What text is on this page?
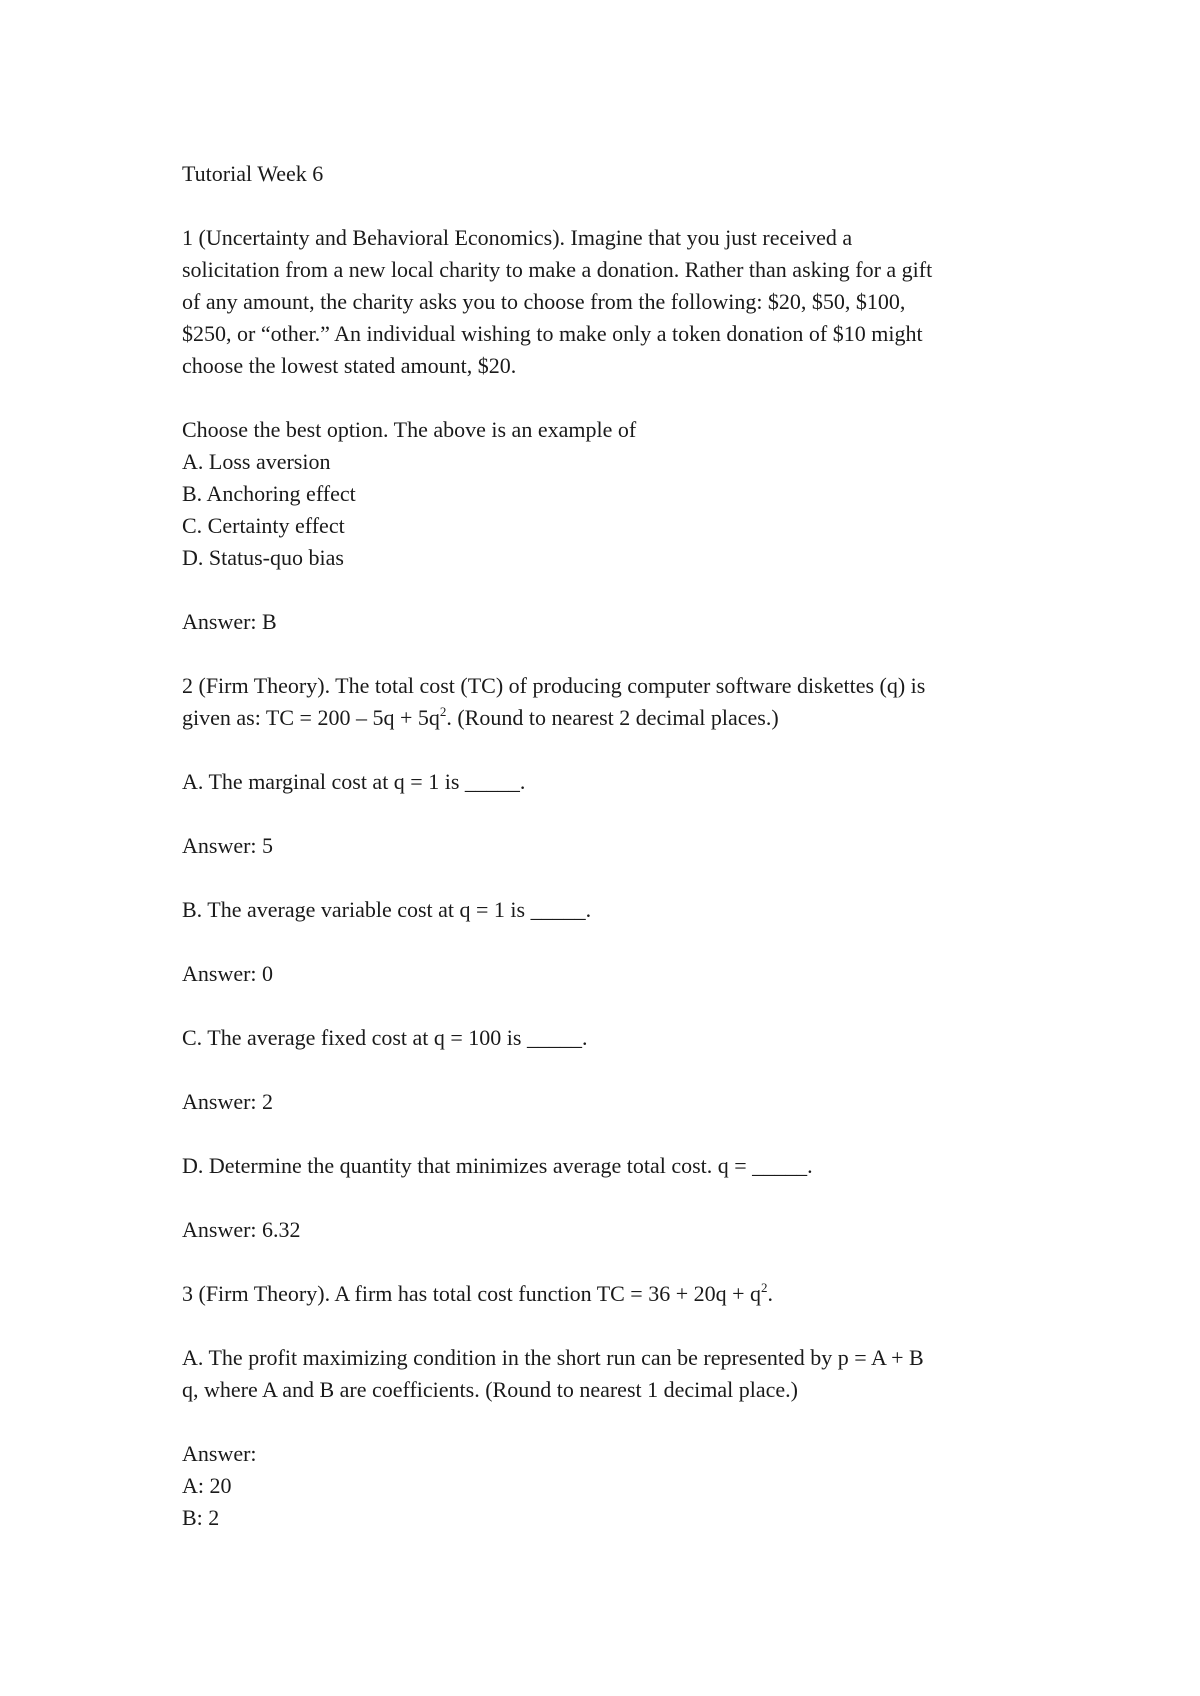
Tutorial Week 6
1 (Uncertainty and Behavioral Economics). Imagine that you just received a
solicitation from a new local charity to make a donation. Rather than asking for a gift
of any amount, the charity asks you to choose from the following: $20, $50, $100,
$250, or “other.” An individual wishing to make only a token donation of $10 might
choose the lowest stated amount, $20.
Choose the best option. The above is an example of
A. Loss aversion
B. Anchoring effect
C. Certainty effect
D. Status-quo bias
Answer: B
2 (Firm Theory). The total cost (TC) of producing computer software diskettes (q) is
given as: TC = $200 - 5q + 5q^2$. (Round to nearest 2 decimal places.)
A. The marginal cost at q = 1 is _____.
Answer: 5
B. The average variable cost at q = 1 is _____.
Answer: 0
C. The average fixed cost at q = 100 is _____.
Answer: 2
D. Determine the quantity that minimizes average total cost. q = _____.
Answer: 6.32
3 (Firm Theory). A firm has total cost function TC = $36 + 20q + q^2$.
A. The profit maximizing condition in the short run can be represented by p = A + B
q, where A and B are coefficients. (Round to nearest 1 decimal place.)
Answer:
A: 20
B: 2
